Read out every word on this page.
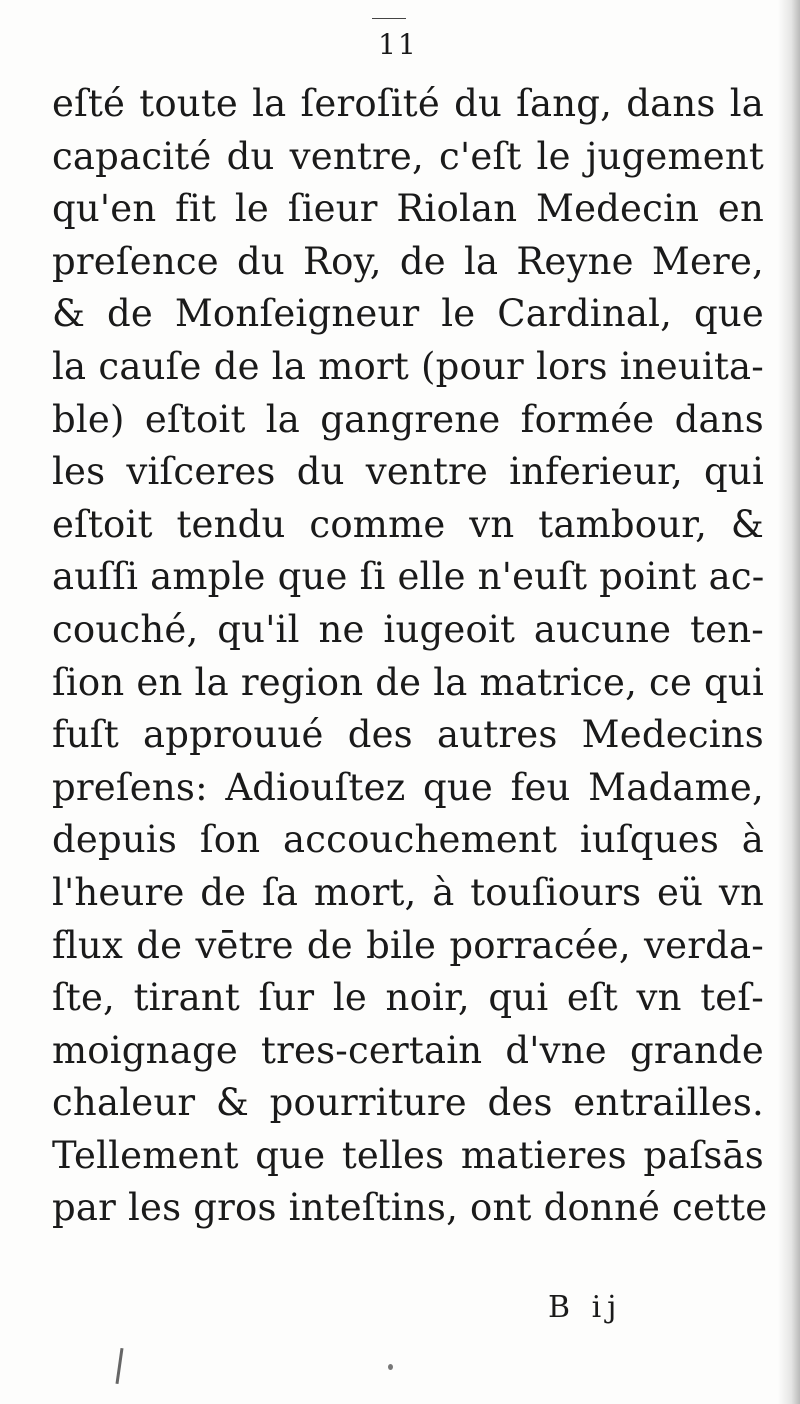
11
eſté toute la ſeroſité du ſang, dans la
capacité du ventre, c'eſt le jugement
qu'en fit le ſieur Riolan Medecin en
preſence du Roy, de la Reyne Mere,
& de Monſeigneur le Cardinal, que
la cauſe de la mort (pour lors ineuita-
ble) eſtoit la gangrene formée dans
les viſceres du ventre inferieur, qui
eſtoit tendu comme vn tambour, &
auſſi ample que ſi elle n'euſt point ac-
couché, qu'il ne iugeoit aucune ten-
ſion en la region de la matrice, ce qui
fuſt approuué des autres Medecins
preſens: Adiouſtez que feu Madame,
depuis ſon accouchement iuſques à
l'heure de ſa mort, à touſiours eü vn
flux de vētre de bile porracée, verda-
ſte, tirant ſur le noir, qui eſt vn teſ-
moignage tres-certain d'vne grande
chaleur & pourriture des entrailles.
Tellement que telles matieres paſsās
par les gros inteſtins, ont donné cette
B ij
